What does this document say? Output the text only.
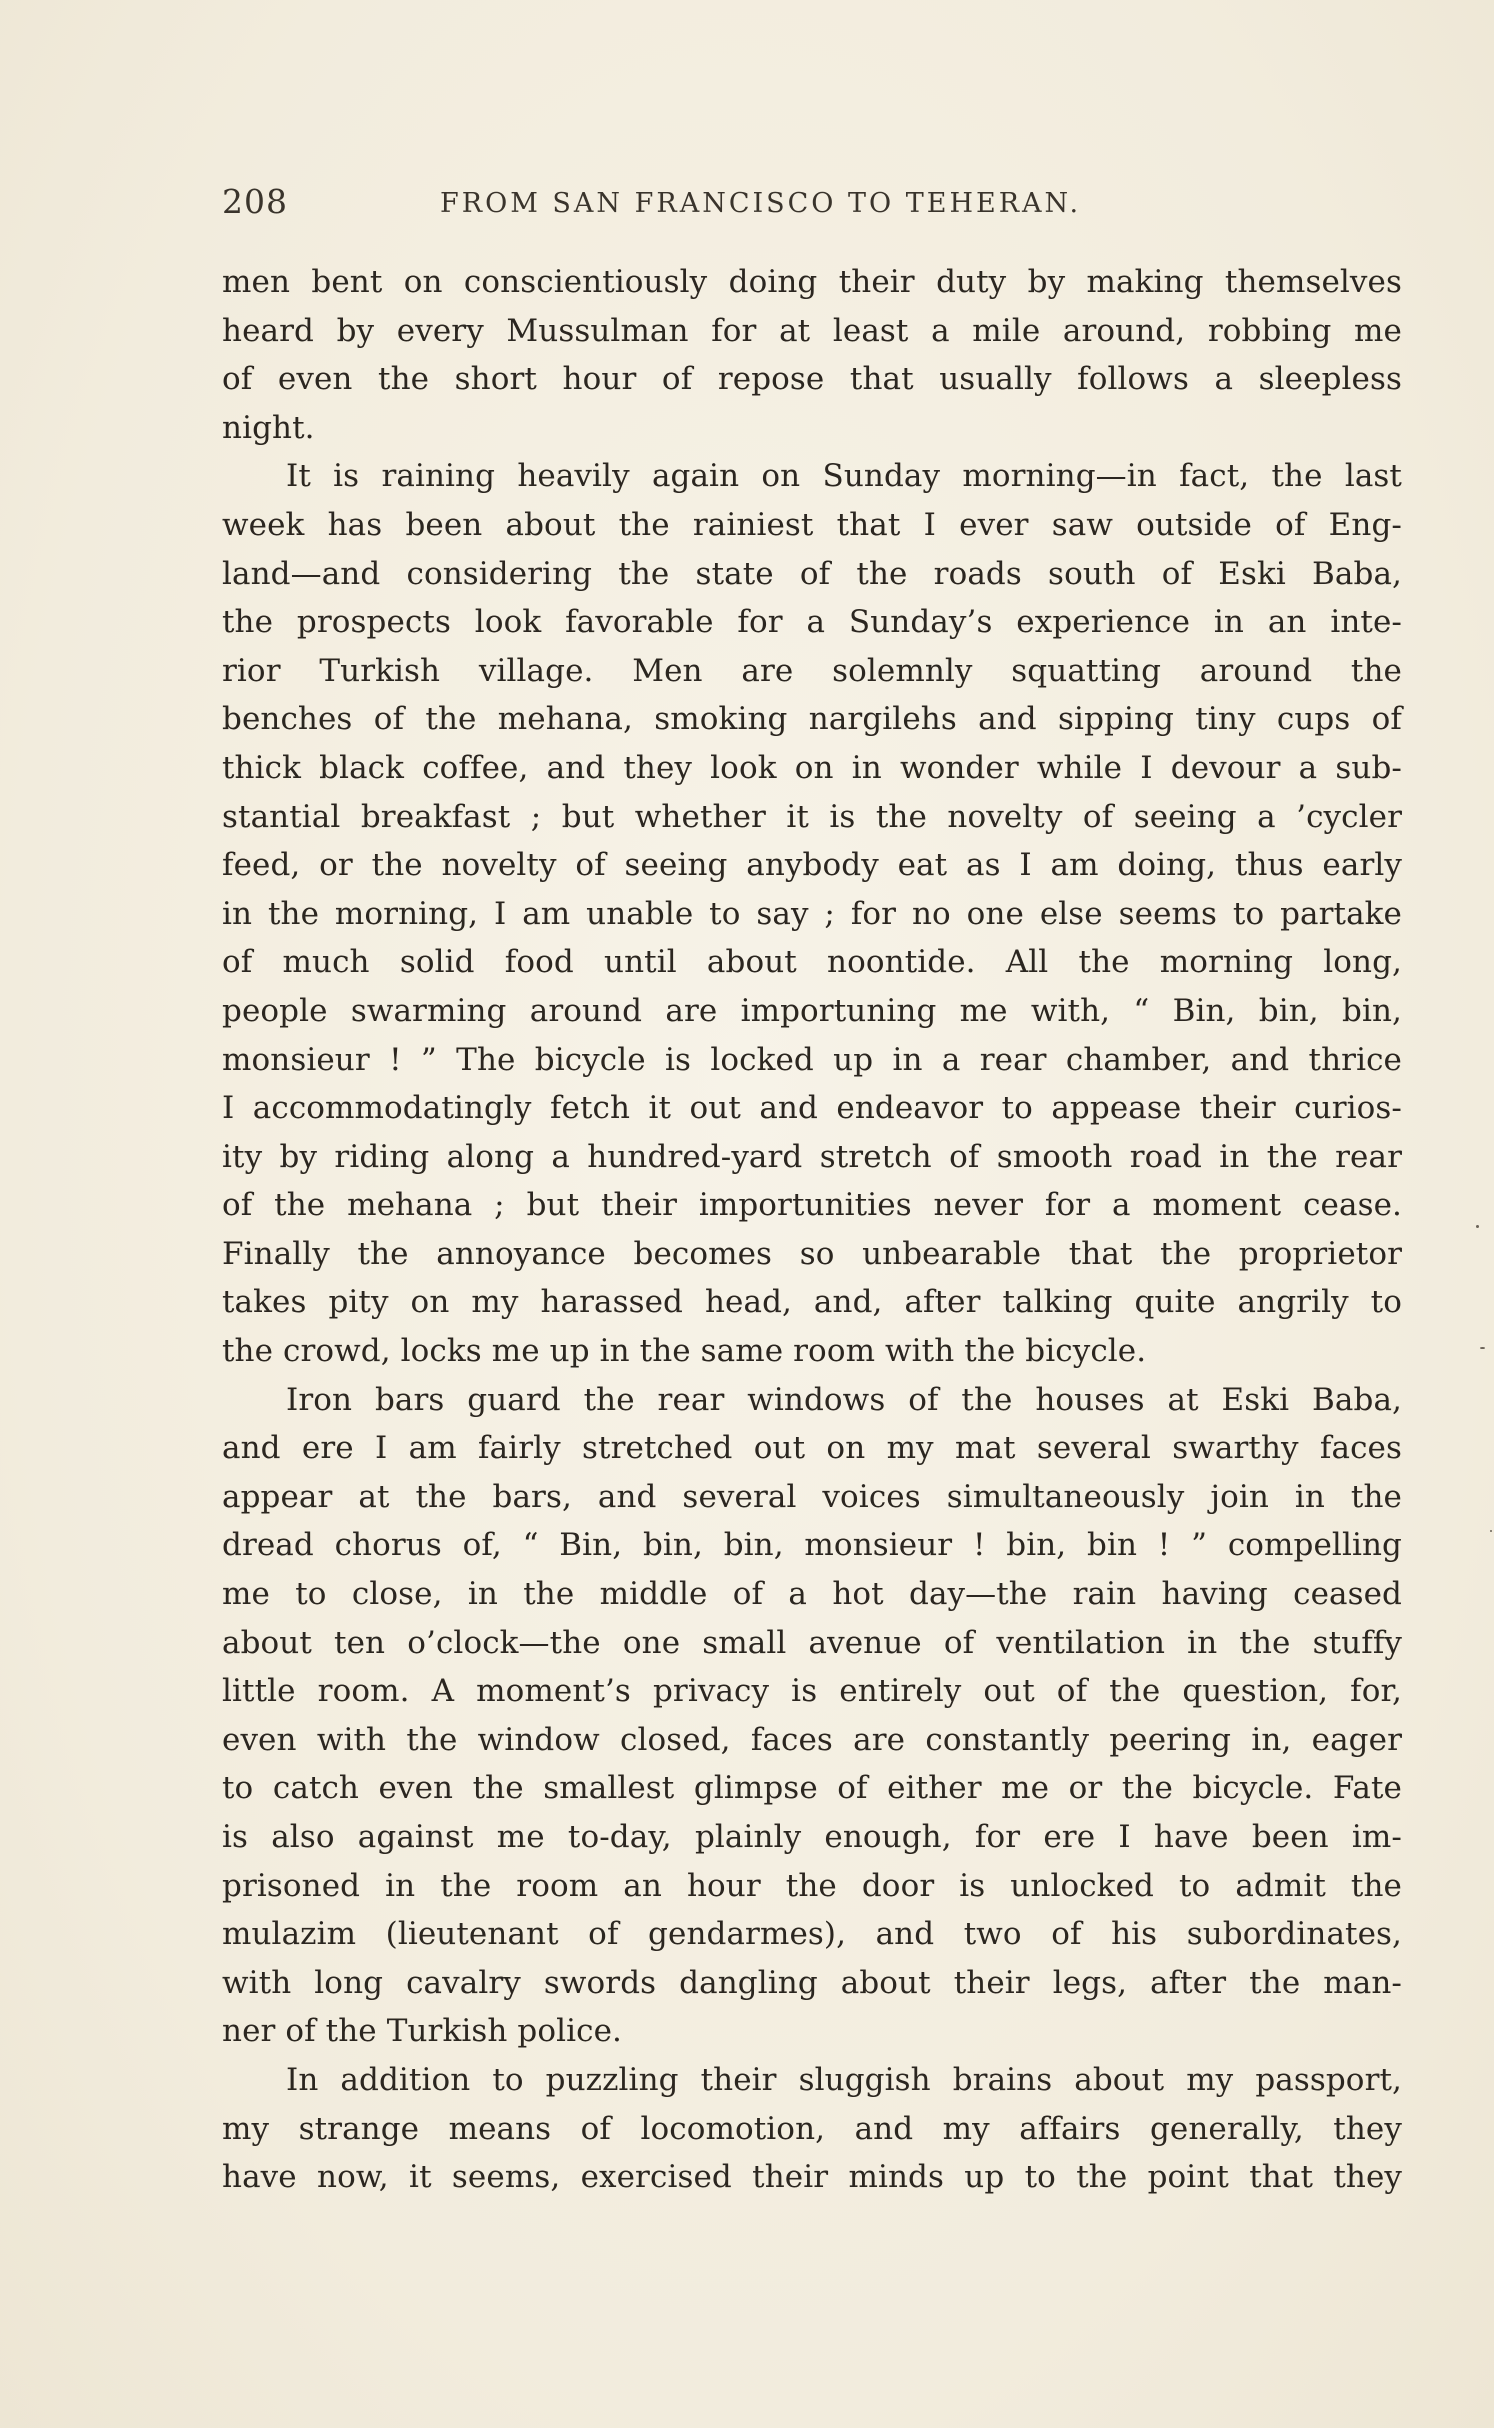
208	FROM SAN FRANCISCO TO TEHERAN.
men bent on conscientiously doing their duty by making themselves
heard by every Mussulman for at least a mile around, robbing me
of even the short hour of repose that usually follows a sleepless
night.
It is raining heavily again on Sunday morning—in fact, the last
week has been about the rainiest that I ever saw outside of Eng-
land—and considering the state of the roads south of Eski Baba,
the prospects look favorable for a Sunday’s experience in an inte-
rior Turkish village. Men are solemnly squatting around the
benches of the mehana, smoking nargilehs and sipping tiny cups of
thick black coffee, and they look on in wonder while I devour a sub-
stantial breakfast ; but whether it is the novelty of seeing a ’cycler
feed, or the novelty of seeing anybody eat as I am doing, thus early
in the morning, I am unable to say ; for no one else seems to partake
of much solid food until about noontide. All the morning long,
people swarming around are importuning me with, “ Bin, bin, bin,
monsieur ! ” The bicycle is locked up in a rear chamber, and thrice
I accommodatingly fetch it out and endeavor to appease their curios-
ity by riding along a hundred-yard stretch of smooth road in the rear
of the mehana ; but their importunities never for a moment cease.
Finally the annoyance becomes so unbearable that the proprietor
takes pity on my harassed head, and, after talking quite angrily to
the crowd, locks me up in the same room with the bicycle.
Iron bars guard the rear windows of the houses at Eski Baba,
and ere I am fairly stretched out on my mat several swarthy faces
appear at the bars, and several voices simultaneously join in the
dread chorus of, “ Bin, bin, bin, monsieur ! bin, bin ! ” compelling
me to close, in the middle of a hot day—the rain having ceased
about ten o’clock—the one small avenue of ventilation in the stuffy
little room. A moment’s privacy is entirely out of the question, for,
even with the window closed, faces are constantly peering in, eager
to catch even the smallest glimpse of either me or the bicycle. Fate
is also against me to-day, plainly enough, for ere I have been im-
prisoned in the room an hour the door is unlocked to admit the
mulazim (lieutenant of gendarmes), and two of his subordinates,
with long cavalry swords dangling about their legs, after the man-
ner of the Turkish police.
In addition to puzzling their sluggish brains about my passport,
my strange means of locomotion, and my affairs generally, they
have now, it seems, exercised their minds up to the point that they
